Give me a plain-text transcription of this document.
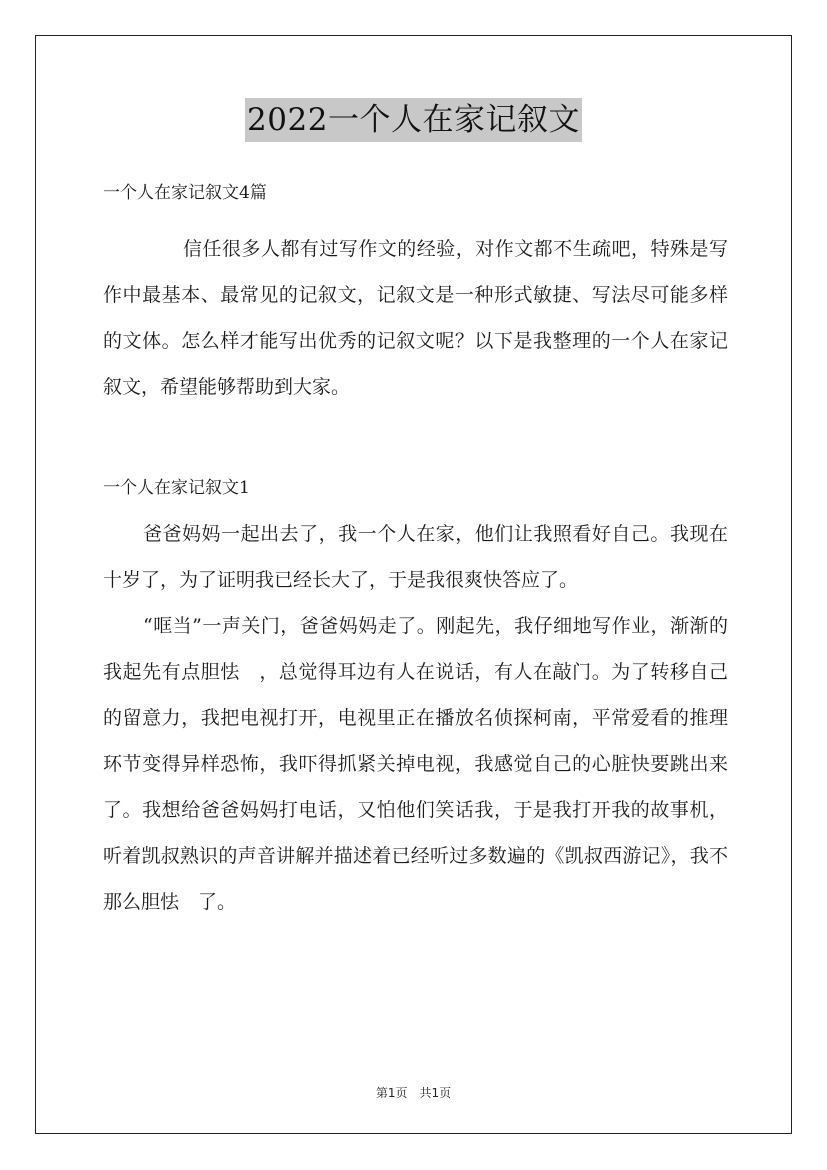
2022一个人在家记叙文

一个人在家记叙文4篇

信任很多人都有过写作文的经验，对作文都不生疏吧，特殊是写作中最基本、最常见的记叙文，记叙文是一种形式敏捷、写法尽可能多样的文体。怎么样才能写出优秀的记叙文呢？以下是我整理的一个人在家记叙文，希望能够帮助到大家。

一个人在家记叙文1

爸爸妈妈一起出去了，我一个人在家，他们让我照看好自己。我现在十岁了，为了证明我已经长大了，于是我很爽快答应了。

“哐当”一声关门，爸爸妈妈走了。刚起先，我仔细地写作业，渐渐的我起先有点胆怯　，总觉得耳边有人在说话，有人在敲门。为了转移自己的留意力，我把电视打开，电视里正在播放名侦探柯南，平常爱看的推理环节变得异样恐怖，我吓得抓紧关掉电视，我感觉自己的心脏快要跳出来了。我想给爸爸妈妈打电话，又怕他们笑话我，于是我打开我的故事机，听着凯叔熟识的声音讲解并描述着已经听过多数遍的《凯叔西游记》，我不那么胆怯　了。

第1页　共1页
